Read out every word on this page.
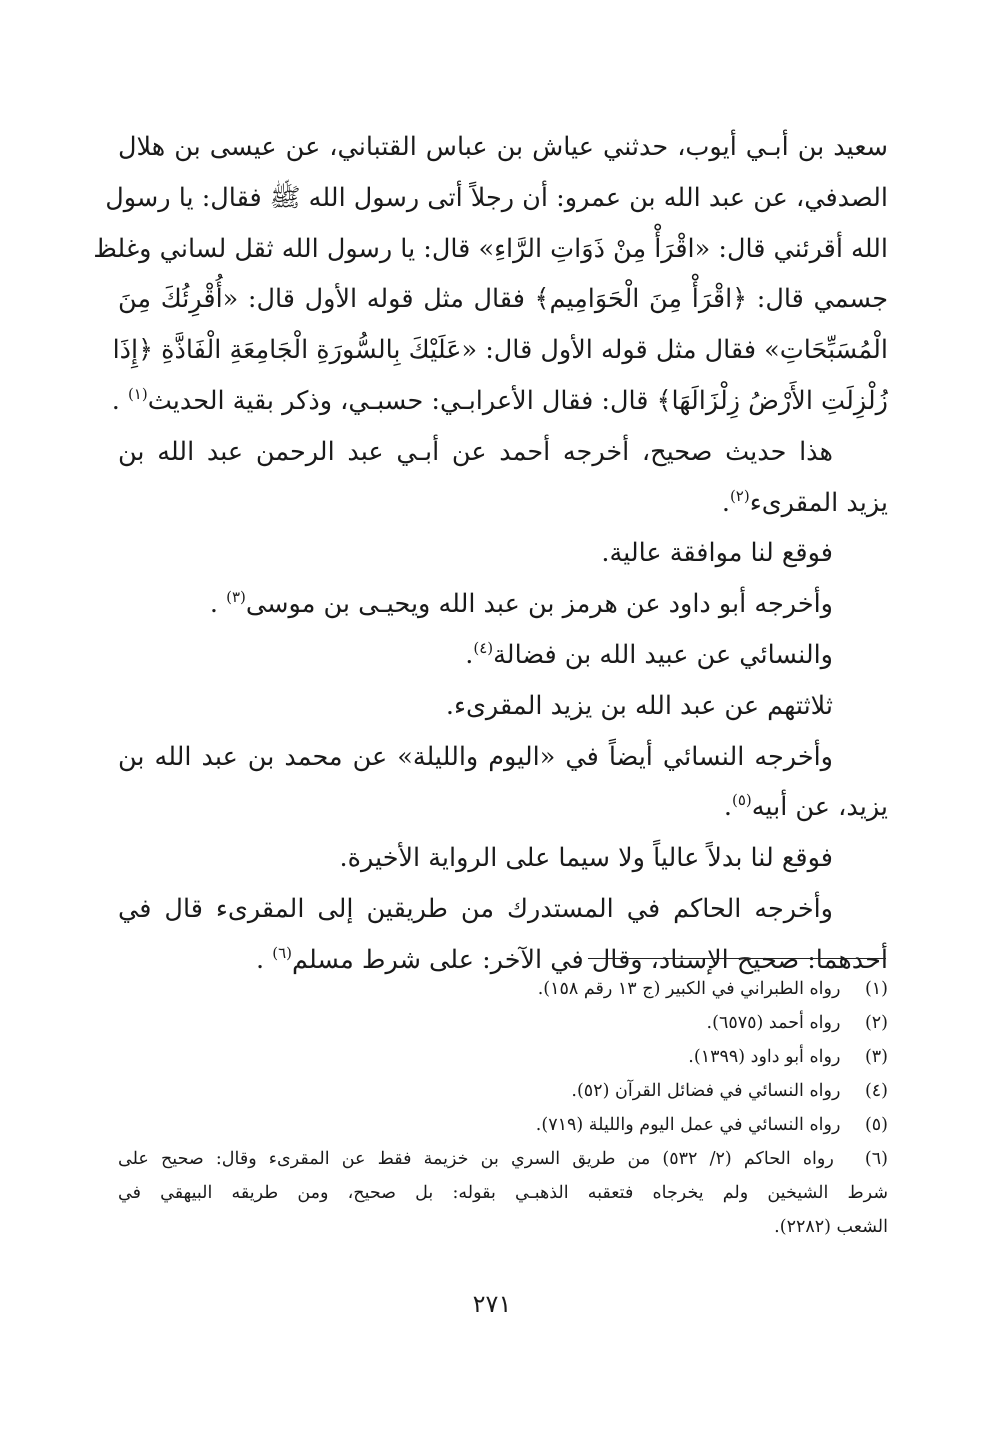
سعيد بن أبـي أيوب، حدثني عياش بن عباس القتباني، عن عيسى بن هلال
الصدفي، عن عبد الله بن عمرو: أن رجلاً أتى رسول الله ﷺ فقال: يا رسول
الله أقرئني قال: «اقْرَأْ مِنْ ذَوَاتِ الرَّاءِ» قال: يا رسول الله ثقل لساني وغلظ
جسمي قال: ﴿اقْرَأْ مِنَ الْحَوَامِيم﴾ فقال مثل قوله الأول قال: «أُقْرِئُكَ مِنَ
الْمُسَبِّحَاتِ» فقال مثل قوله الأول قال: «عَلَيْكَ بِالسُّورَةِ الْجَامِعَةِ الْفَاذَّةِ ﴿إِذَا
زُلْزِلَتِ الأَرْضُ زِلْزَالَهَا﴾ قال: فقال الأعرابـي: حسبـي، وذكر بقية الحديث$^{(١)}$ .
هذا حديث صحيح، أخرجه أحمد عن أبـي عبد الرحمن عبد الله بن
يزيد المقرىء$^{(٢)}$.
فوقع لنا موافقة عالية.
وأخرجه أبو داود عن هرمز بن عبد الله ويحيـى بن موسى$^{(٣)}$ .
والنسائي عن عبيد الله بن فضالة$^{(٤)}$.
ثلاثتهم عن عبد الله بن يزيد المقرىء.
وأخرجه النسائي أيضاً في «اليوم والليلة» عن محمد بن عبد الله بن
يزيد، عن أبيه$^{(٥)}$.
فوقع لنا بدلاً عالياً ولا سيما على الرواية الأخيرة.
وأخرجه الحاكم في المستدرك من طريقين إلى المقرىء قال في
أحدهما: صحيح الإسناد، وقال في الآخر: على شرط مسلم$^{(٦)}$ .
(١) رواه الطبراني في الكبير (ج ١٣ رقم ١٥٨).
(٢) رواه أحمد (٦٥٧٥).
(٣) رواه أبو داود (١٣٩٩).
(٤) رواه النسائي في فضائل القرآن (٥٢).
(٥) رواه النسائي في عمل اليوم والليلة (٧١٩).
(٦) رواه الحاكم (٢/ ٥٣٢) من طريق السري بن خزيمة فقط عن المقرىء وقال: صحيح على
شرط الشيخين ولم يخرجاه فتعقبه الذهبـي بقوله: بل صحيح، ومن طريقه البيهقي في
الشعب (٢٢٨٢).
٢٧١
